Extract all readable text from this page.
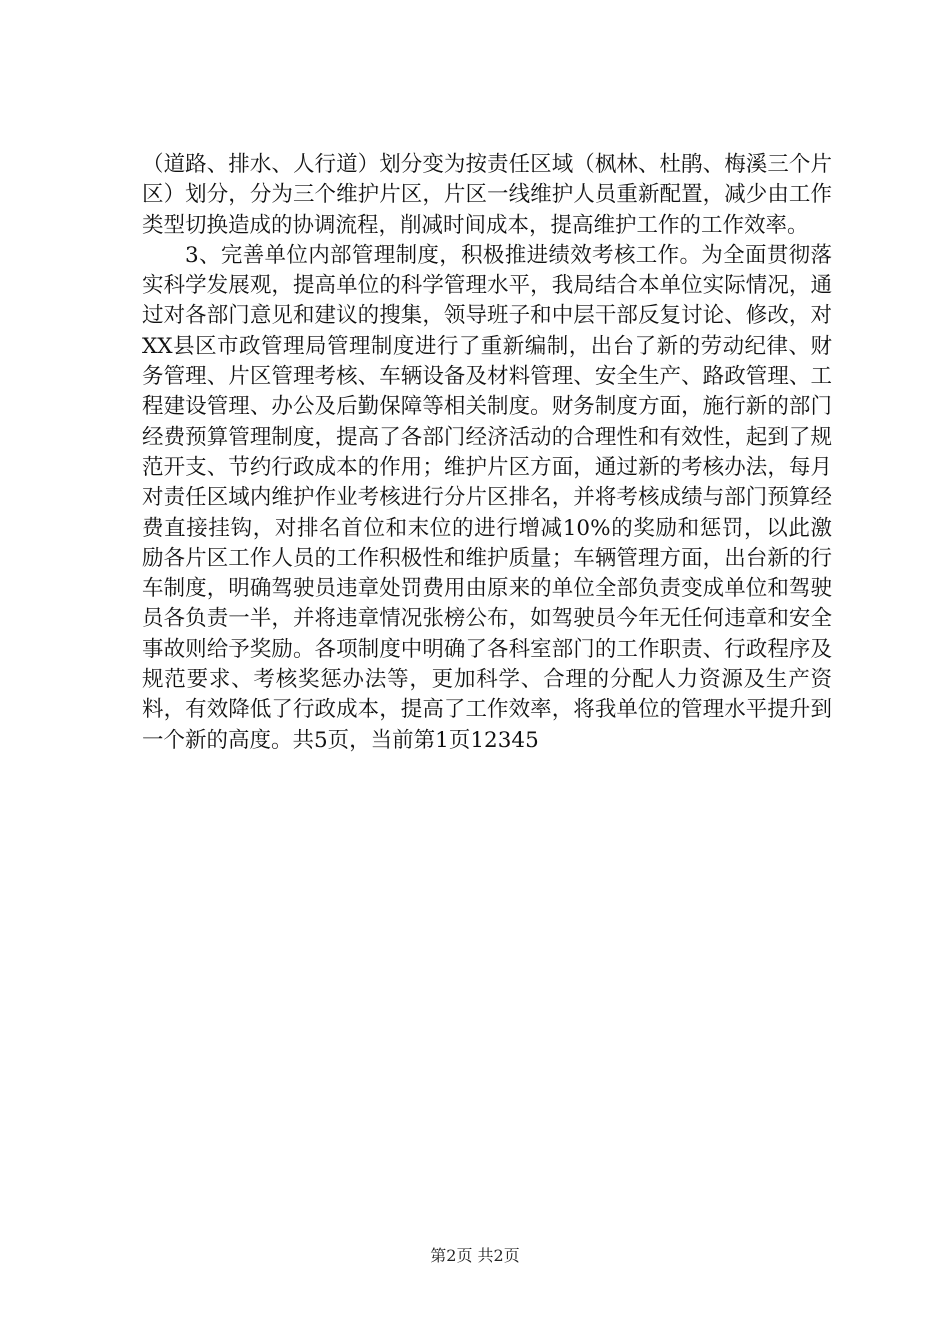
（道路、排水、人行道）划分变为按责任区域（枫林、杜鹃、梅溪三个片区）划分，分为三个维护片区，片区一线维护人员重新配置，减少由工作类型切换造成的协调流程，削减时间成本，提高维护工作的工作效率。

3、完善单位内部管理制度，积极推进绩效考核工作。为全面贯彻落实科学发展观，提高单位的科学管理水平，我局结合本单位实际情况，通过对各部门意见和建议的搜集，领导班子和中层干部反复讨论、修改，对XX县区市政管理局管理制度进行了重新编制，出台了新的劳动纪律、财务管理、片区管理考核、车辆设备及材料管理、安全生产、路政管理、工程建设管理、办公及后勤保障等相关制度。财务制度方面，施行新的部门经费预算管理制度，提高了各部门经济活动的合理性和有效性，起到了规范开支、节约行政成本的作用；维护片区方面，通过新的考核办法，每月对责任区域内维护作业考核进行分片区排名，并将考核成绩与部门预算经费直接挂钩，对排名首位和末位的进行增减10%的奖励和惩罚，以此激励各片区工作人员的工作积极性和维护质量；车辆管理方面，出台新的行车制度，明确驾驶员违章处罚费用由原来的单位全部负责变成单位和驾驶员各负责一半，并将违章情况张榜公布，如驾驶员今年无任何违章和安全事故则给予奖励。各项制度中明确了各科室部门的工作职责、行政程序及规范要求、考核奖惩办法等，更加科学、合理的分配人力资源及生产资料，有效降低了行政成本，提高了工作效率，将我单位的管理水平提升到一个新的高度。共5页，当前第1页12345

第2页 共2页
